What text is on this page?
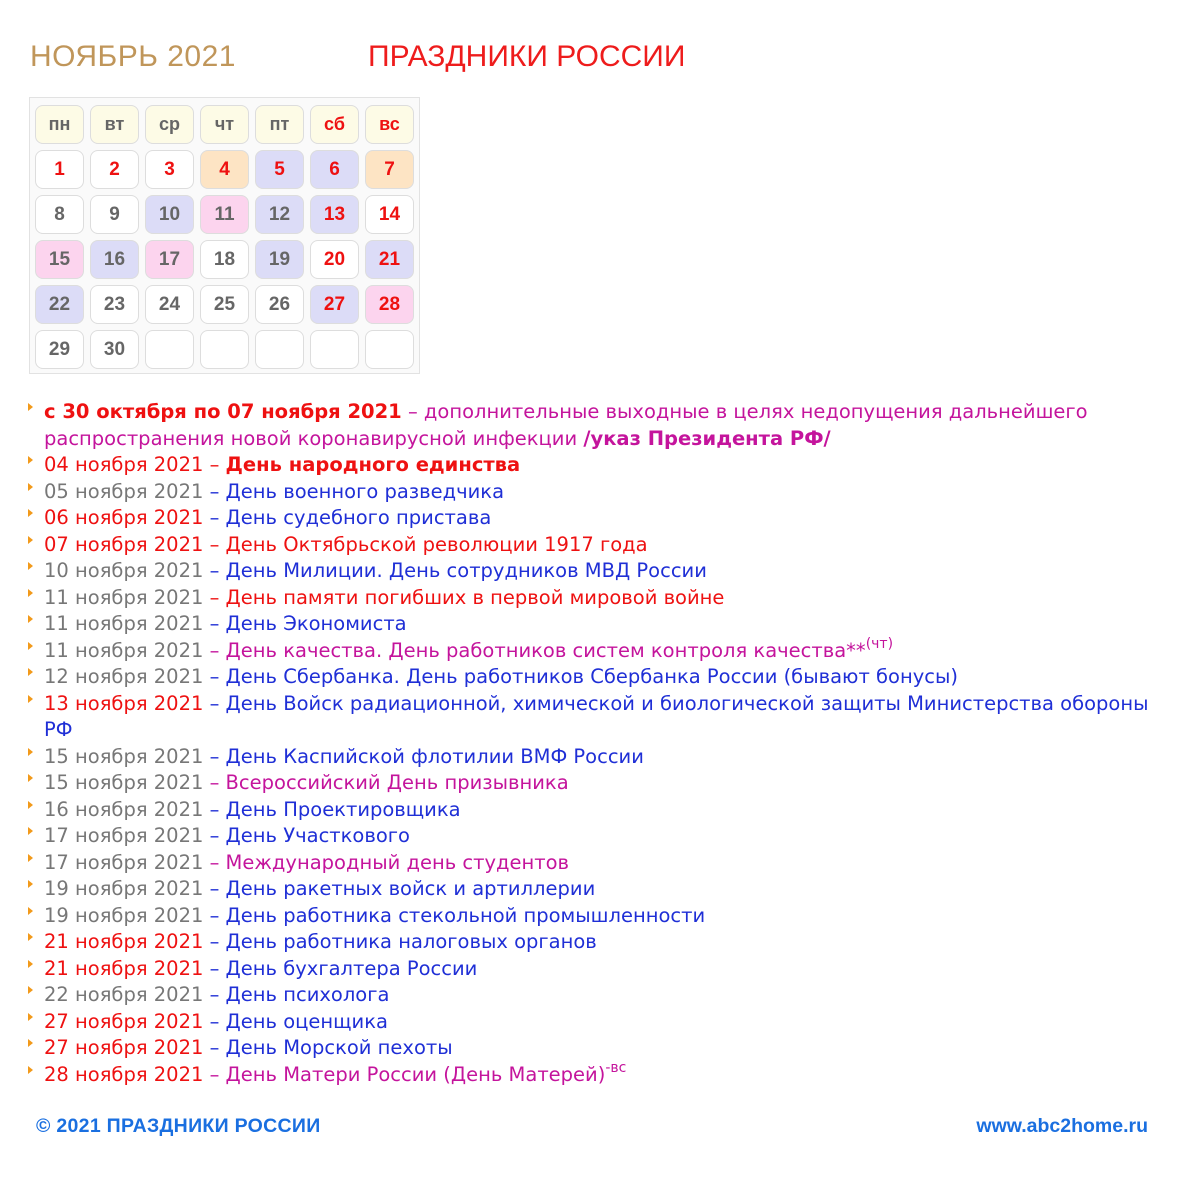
НОЯБРЬ 2021	ПРАЗДНИКИ РОССИИ
пн	вт	ср	чт	пт	сб	вс
1	2	3	4	5	6	7
8	9	10	11	12	13	14
15	16	17	18	19	20	21
22	23	24	25	26	27	28
29	30
с 30 октября по 07 ноября 2021 – дополнительные выходные в целях недопущения дальнейшего распространения новой коронавирусной инфекции /указ Президента РФ/
04 ноября 2021 – День народного единства
05 ноября 2021 – День военного разведчика
06 ноября 2021 – День судебного пристава
07 ноября 2021 – День Октябрьской революции 1917 года
10 ноября 2021 – День Милиции. День сотрудников МВД России
11 ноября 2021 – День памяти погибших в первой мировой войне
11 ноября 2021 – День Экономиста
11 ноября 2021 – День качества. День работников систем контроля качества**$^{(чт)}$
12 ноября 2021 – День Сбербанка. День работников Сбербанка России (бывают бонусы)
13 ноября 2021 – День Войск радиационной, химической и биологической защиты Министерства обороны РФ
15 ноября 2021 – День Каспийской флотилии ВМФ России
15 ноября 2021 – Всероссийский День призывника
16 ноября 2021 – День Проектировщика
17 ноября 2021 – День Участкового
17 ноября 2021 – Международный день студентов
19 ноября 2021 – День ракетных войск и артиллерии
19 ноября 2021 – День работника стекольной промышленности
21 ноября 2021 – День работника налоговых органов
21 ноября 2021 – День бухгалтера России
22 ноября 2021 – День психолога
27 ноября 2021 – День оценщика
27 ноября 2021 – День Морской пехоты
28 ноября 2021 – День Матери России (День Матерей)$^{-вс}$
© 2021 ПРАЗДНИКИ РОССИИ	www.abc2home.ru
